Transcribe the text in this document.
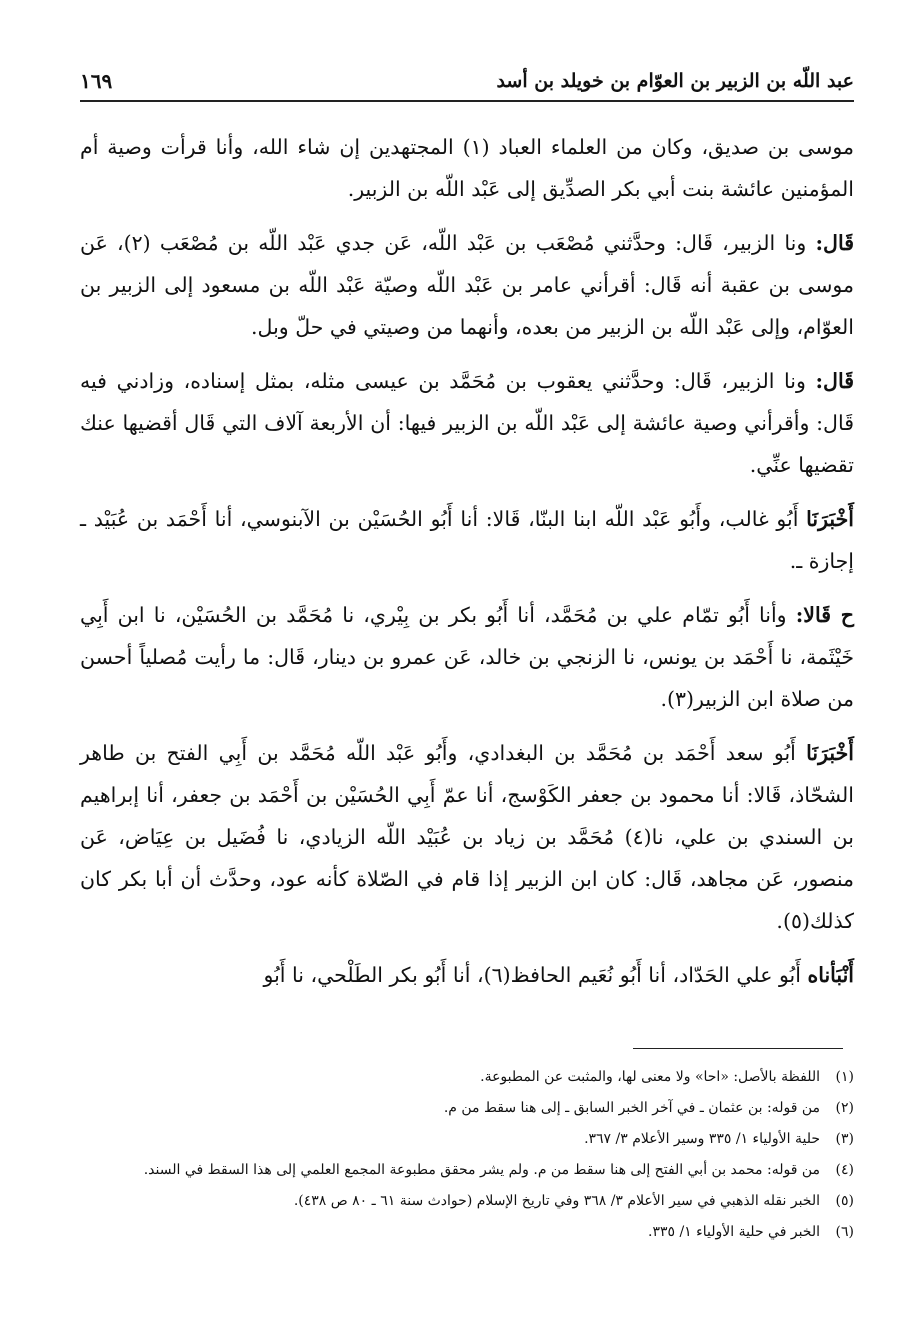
عبد اللّه بن الزبير بن العوّام بن خويلد بن أسد
١٦٩

موسى بن صديق، وكان من العلماء العباد (١) المجتهدين إن شاء الله، وأنا قرأت وصية أم المؤمنين عائشة بنت أبي بكر الصدِّيق إلى عَبْد اللّه بن الزبير.

قَال: ونا الزبير، قَال: وحدَّثني مُصْعَب بن عَبْد اللّه، عَن جدي عَبْد اللّه بن مُصْعَب (٢)، عَن موسى بن عقبة أنه قَال: أقرأني عامر بن عَبْد اللّه وصيّة عَبْد اللّه بن مسعود إلى الزبير بن العوّام، وإلى عَبْد اللّه بن الزبير من بعده، وأنهما من وصيتي في حلّ وبل.

قَال: ونا الزبير، قَال: وحدَّثني يعقوب بن مُحَمَّد بن عيسى مثله، بمثل إسناده، وزادني فيه قَال: وأقرأني وصية عائشة إلى عَبْد اللّه بن الزبير فيها: أن الأربعة آلاف التي قَال أقضيها عنك تقضيها عنِّي.

أَخْبَرَنَا أَبُو غالب، وأَبُو عَبْد اللّه ابنا البنّا، قَالا: أنا أَبُو الحُسَيْن بن الآبنوسي، أنا أَحْمَد بن عُبَيْد ـ إجازة ـ.

ح قَالا: وأنا أَبُو تمّام علي بن مُحَمَّد، أنا أَبُو بكر بن بِيْري، نا مُحَمَّد بن الحُسَيْن، نا ابن أَبِي خَيْثَمة، نا أَحْمَد بن يونس، نا الزنجي بن خالد، عَن عمرو بن دينار، قَال: ما رأيت مُصلياً أحسن من صلاة ابن الزبير(٣).

أَخْبَرَنَا أَبُو سعد أَحْمَد بن مُحَمَّد بن البغدادي، وأَبُو عَبْد اللّه مُحَمَّد بن أَبِي الفتح بن طاهر الشحّاذ، قَالا: أنا محمود بن جعفر الكَوْسج، أنا عمّ أَبِي الحُسَيْن بن أَحْمَد بن جعفر، أنا إبراهيم بن السندي بن علي، نا(٤) مُحَمَّد بن زياد بن عُبَيْد اللّه الزيادي، نا فُضَيل بن عِيَاض، عَن منصور، عَن مجاهد، قَال: كان ابن الزبير إذا قام في الصّلاة كأنه عود، وحدَّث أن أبا بكر كان كذلك(٥).

أَنْبَأناه أَبُو علي الحَدّاد، أنا أَبُو نُعَيم الحافظ(٦)، أنا أَبُو بكر الطَلْحي، نا أَبُو

(١)
اللفظة بالأصل: «احا» ولا معنى لها، والمثبت عن المطبوعة.
(٢)
من قوله: بن عثمان ـ في آخر الخبر السابق ـ إلى هنا سقط من م.
(٣)
حلية الأولياء ١/ ٣٣٥ وسير الأعلام ٣/ ٣٦٧.
(٤)
من قوله: محمد بن أبي الفتح إلى هنا سقط من م. ولم يشر محقق مطبوعة المجمع العلمي إلى هذا السقط في السند.
(٥)
الخبر نقله الذهبي في سير الأعلام ٣/ ٣٦٨ وفي تاريخ الإسلام (حوادث سنة ٦١ ـ ٨٠ ص ٤٣٨).
(٦)
الخبر في حلية الأولياء ١/ ٣٣٥.
